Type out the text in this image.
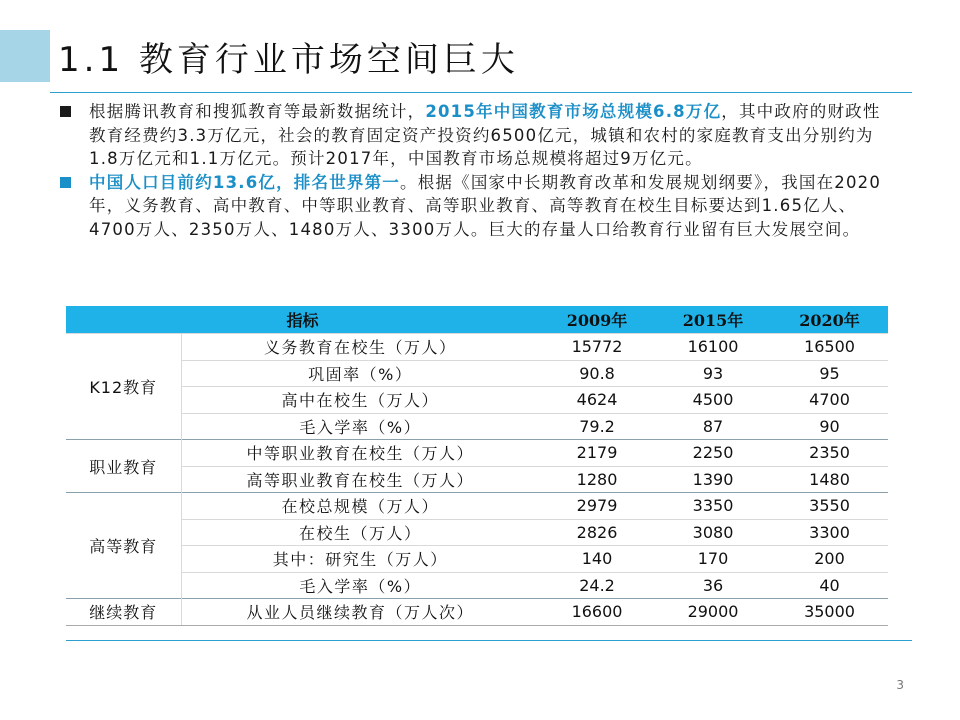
1.1 教育行业市场空间巨大
根据腾讯教育和搜狐教育等最新数据统计，2015年中国教育市场总规模6.8万亿，其中政府的财政性教育经费约3.3万亿元，社会的教育固定资产投资约6500亿元，城镇和农村的家庭教育支出分别约为1.8万亿元和1.1万亿元。预计2017年，中国教育市场总规模将超过9万亿元。
中国人口目前约13.6亿，排名世界第一。根据《国家中长期教育改革和发展规划纲要》，我国在2020年，义务教育、高中教育、中等职业教育、高等职业教育、高等教育在校生目标要达到1.65亿人、4700万人、2350万人、1480万人、3300万人。巨大的存量人口给教育行业留有巨大发展空间。
指标		2009年	2015年	2020年
K12教育	义务教育在校生（万人）	15772	16100	16500
	巩固率（%）	90.8	93	95
	高中在校生（万人）	4624	4500	4700
	毛入学率（%）	79.2	87	90
职业教育	中等职业教育在校生（万人）	2179	2250	2350
	高等职业教育在校生（万人）	1280	1390	1480
高等教育	在校总规模（万人）	2979	3350	3550
	在校生（万人）	2826	3080	3300
	其中：研究生（万人）	140	170	200
	毛入学率（%）	24.2	36	40
继续教育	从业人员继续教育（万人次）	16600	29000	35000
3
